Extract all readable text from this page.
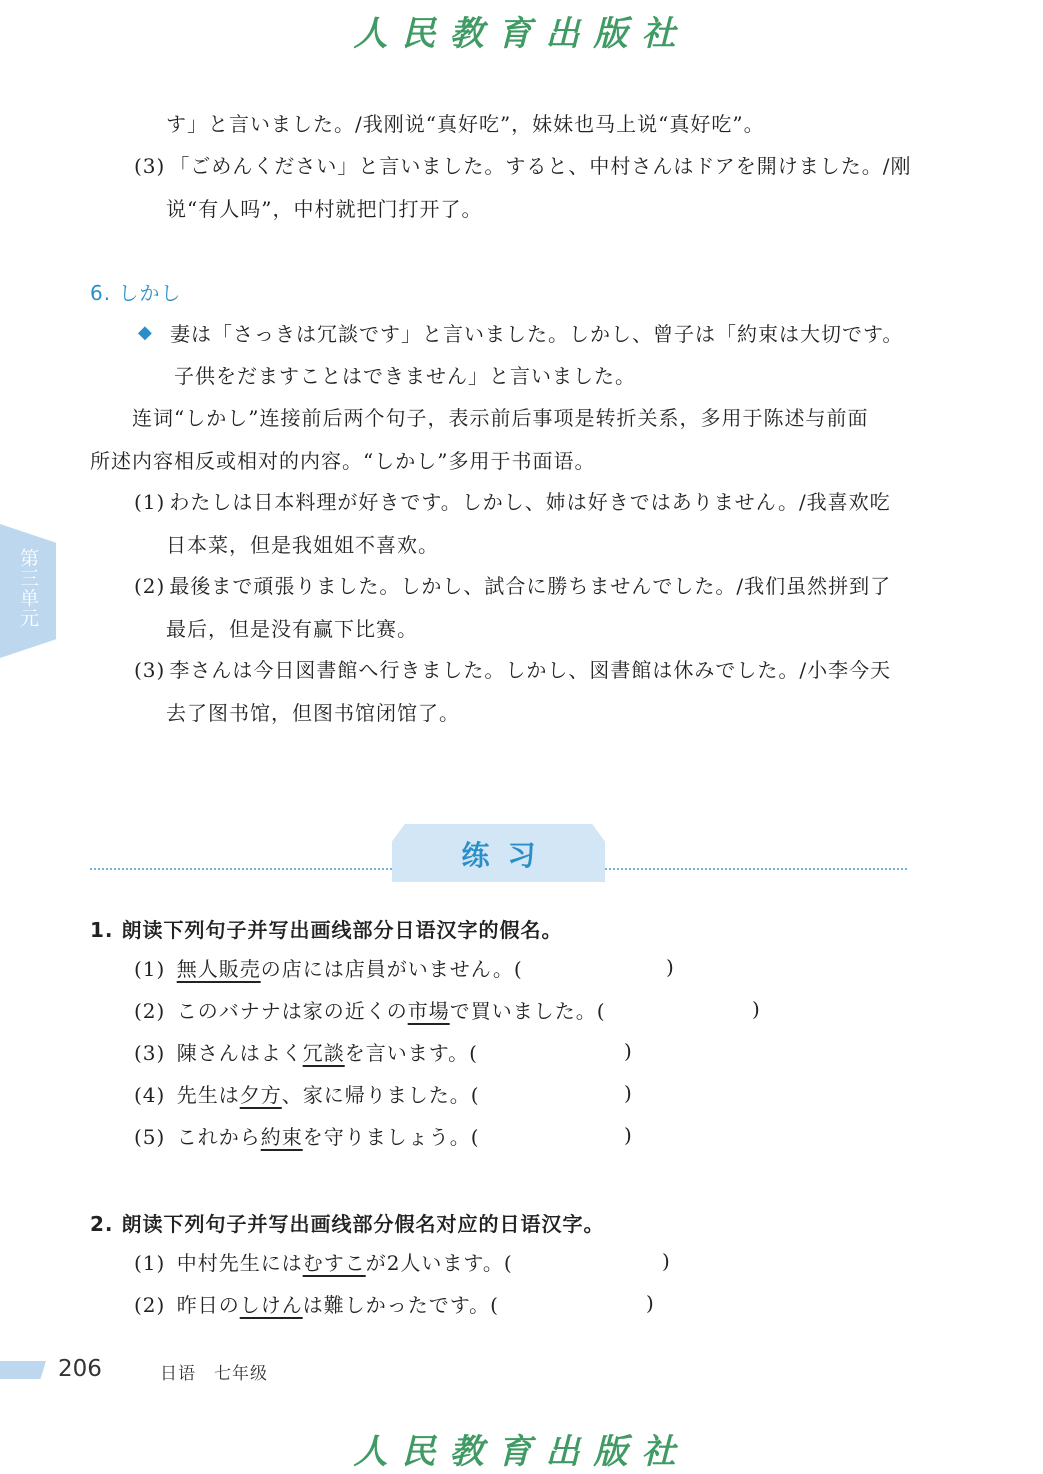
人民教育出版社
す」と言いました。/我刚说“真好吃”，妹妹也马上说“真好吃”。
(3) 「ごめんください」と言いました。すると、中村さんはドアを開けました。/刚
说“有人吗”，中村就把门打开了。
6. しかし
◆ 妻は「さっきは冗談です」と言いました。しかし、曾子は「約束は大切です。
子供をだますことはできません」と言いました。
连词“しかし”连接前后两个句子，表示前后事项是转折关系，多用于陈述与前面
所述内容相反或相对的内容。“しかし”多用于书面语。
(1) わたしは日本料理が好きです。しかし、姉は好きではありません。/我喜欢吃
日本菜，但是我姐姐不喜欢。
(2) 最後まで頑張りました。しかし、試合に勝ちませんでした。/我们虽然拼到了
最后，但是没有赢下比赛。
(3) 李さんは今日図書館へ行きました。しかし、図書館は休みでした。/小李今天
去了图书馆，但图书馆闭馆了。
第三单元
练习
1. 朗读下列句子并写出画线部分日语汉字的假名。
(1) 無人販売の店には店員がいません。(	)
(2) このバナナは家の近くの市場で買いました。(	)
(3) 陳さんはよく冗談を言います。(	)
(4) 先生は夕方、家に帰りました。(	)
(5) これから約束を守りましょう。(	)
2. 朗读下列句子并写出画线部分假名对应的日语汉字。
(1) 中村先生にはむすこが2人います。(	)
(2) 昨日のしけんは難しかったです。(	)
206	日语　七年级
人民教育出版社
